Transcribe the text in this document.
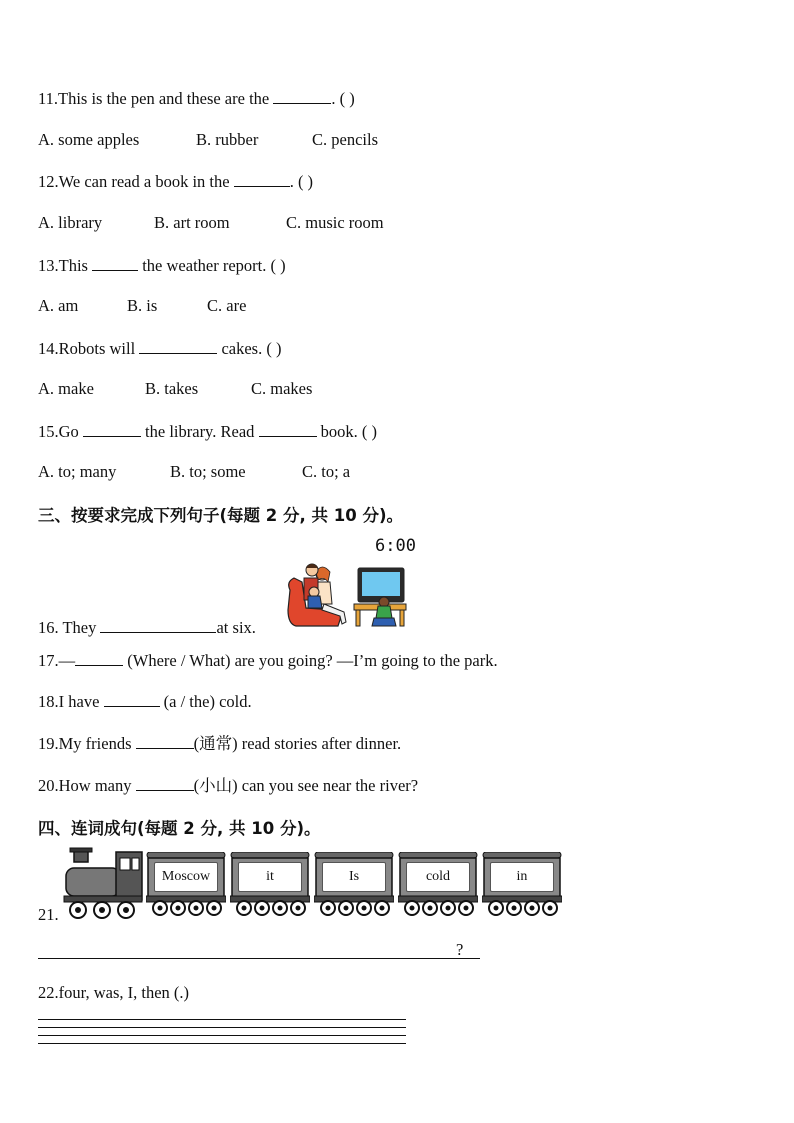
11.This is the pen and these are the	. ( )
A. some apples	B. rubber	C. pencils
12.We can read a book in the	. ( )
A. library	B. art room	C. music room
13.This	the weather report. ( )
A. am	B. is	C. are
14.Robots will	cakes. ( )
A. make	B. takes	C. makes
15.Go	the library. Read	book. ( )
A. to; many	B. to; some	C. to; a
三、按要求完成下列句子(每题 2 分, 共 10 分)。
6:00
16. They	at six.
17.—	(Where / What) are you going? —I’m going to the park.
18.I have	(a / the) cold.
19.My friends	(通常) read stories after dinner.
20.How many	(小山) can you see near the river?
四、连词成句(每题 2 分, 共 10 分)。
21.
Moscow	it	Is	cold	in
?
22.four, was, I, then (.)
